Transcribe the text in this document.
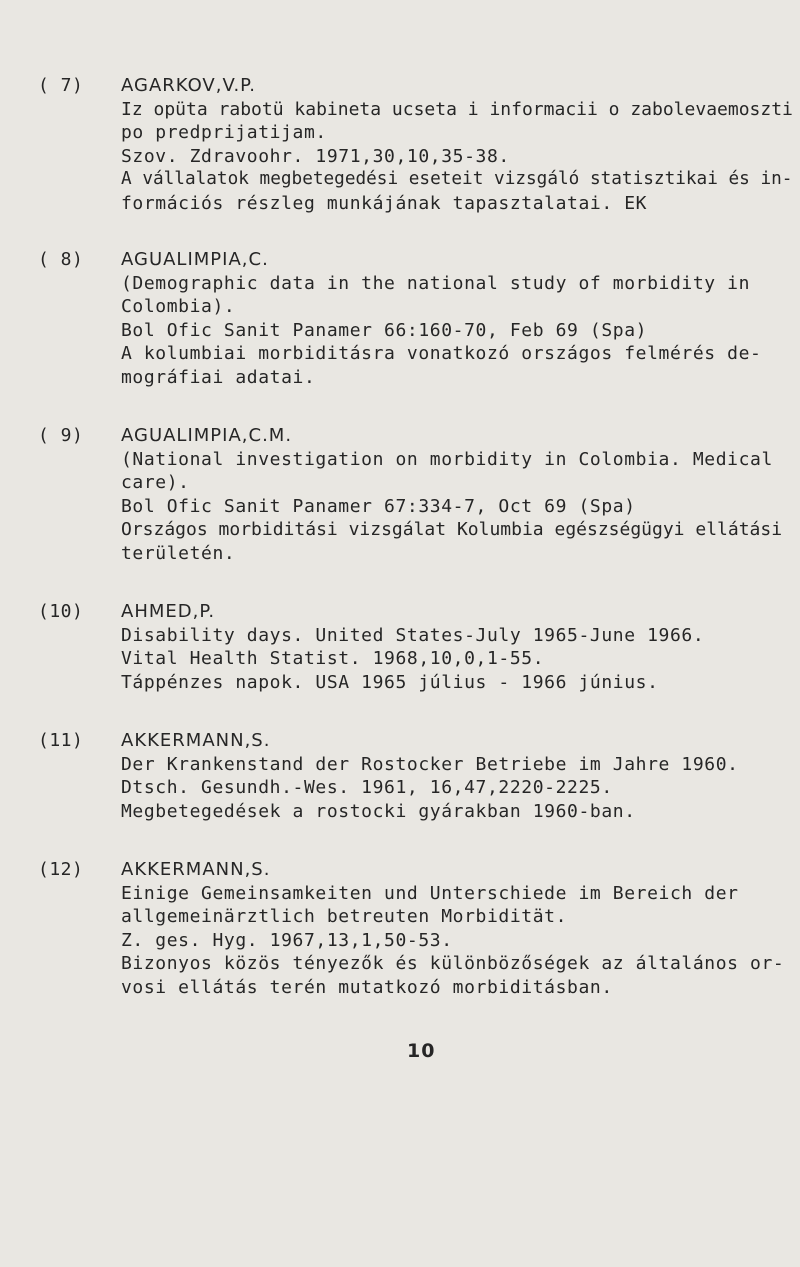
( 7) AGARKOV,V.P.
Iz opüta rabotü kabineta ucseta i informacii o zabolevaemoszti
po predprijatijam.
Szov. Zdravoohr. 1971,30,10,35-38.
A vállalatok megbetegedési eseteit vizsgáló statisztikai és in-
formációs részleg munkájának tapasztalatai. EK
( 8) AGUALIMPIA,C.
(Demographic data in the national study of morbidity in
Colombia).
Bol Ofic Sanit Panamer 66:160-70, Feb 69 (Spa)
A kolumbiai morbiditásra vonatkozó országos felmérés de-
mográfiai adatai.
( 9) AGUALIMPIA,C.M.
(National investigation on morbidity in Colombia. Medical
care).
Bol Ofic Sanit Panamer 67:334-7, Oct 69 (Spa)
Országos morbiditási vizsgálat Kolumbia egészségügyi ellátási
területén.
(10) AHMED,P.
Disability days. United States-July 1965-June 1966.
Vital Health Statist. 1968,10,0,1-55.
Táppénzes napok. USA 1965 július - 1966 június.
(11) AKKERMANN,S.
Der Krankenstand der Rostocker Betriebe im Jahre 1960.
Dtsch. Gesundh.-Wes. 1961, 16,47,2220-2225.
Megbetegedések a rostocki gyárakban 1960-ban.
(12) AKKERMANN,S.
Einige Gemeinsamkeiten und Unterschiede im Bereich der
allgemeinärztlich betreuten Morbidität.
Z. ges. Hyg. 1967,13,1,50-53.
Bizonyos közös tényezők és különbözőségek az általános or-
vosi ellátás terén mutatkozó morbiditásban.
10
